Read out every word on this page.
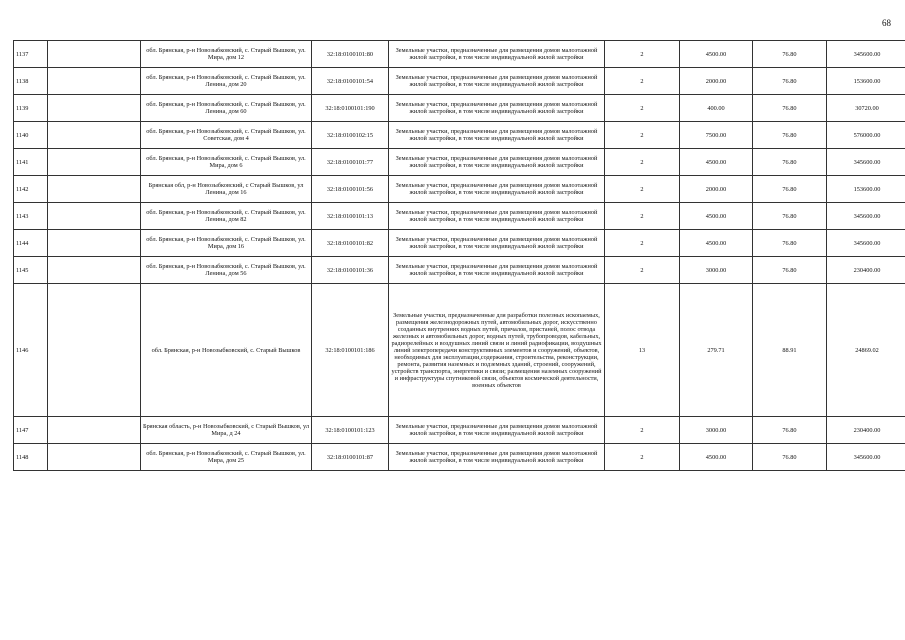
68
1137		обл. Брянская, р-н Новозыбковский, с. Старый Вышков, ул. Мира, дом 12	32:18:0100101:80	Земельные участки, предназначенные для размещения домов малоэтажной жилой застройки, в том числе индивидуальной жилой застройки	2	4500.00	76.80	345600.00
1138		обл. Брянская, р-н Новозыбковский, с. Старый Вышков, ул. Ленина, дом 20	32:18:0100101:54	Земельные участки, предназначенные для размещения домов малоэтажной жилой застройки, в том числе индивидуальной жилой застройки	2	2000.00	76.80	153600.00
1139		обл. Брянская, р-н Новозыбковский, с. Старый Вышков, ул. Ленина, дом 60	32:18:0100101:190	Земельные участки, предназначенные для размещения домов малоэтажной жилой застройки, в том числе индивидуальной жилой застройки	2	400.00	76.80	30720.00
1140		обл. Брянская, р-н Новозыбковский, с. Старый Вышков, ул. Советская, дом 4	32:18:0100102:15	Земельные участки, предназначенные для размещения домов малоэтажной жилой застройки, в том числе индивидуальной жилой застройки	2	7500.00	76.80	576000.00
1141		обл. Брянская, р-н Новозыбковский, с. Старый Вышков, ул. Мира, дом 6	32:18:0100101:77	Земельные участки, предназначенные для размещения домов малоэтажной жилой застройки, в том числе индивидуальной жилой застройки	2	4500.00	76.80	345600.00
1142		Брянская обл, р-н Новозыбковский, с Старый Вышков, ул Ленина, дом 16	32:18:0100101:56	Земельные участки, предназначенные для размещения домов малоэтажной жилой застройки, в том числе индивидуальной жилой застройки	2	2000.00	76.80	153600.00
1143		обл. Брянская, р-н Новозыбковский, с. Старый Вышков, ул. Ленина, дом 82	32:18:0100101:13	Земельные участки, предназначенные для размещения домов малоэтажной жилой застройки, в том числе индивидуальной жилой застройки	2	4500.00	76.80	345600.00
1144		обл. Брянская, р-н Новозыбковский, с. Старый Вышков, ул. Мира, дом 16	32:18:0100101:82	Земельные участки, предназначенные для размещения домов малоэтажной жилой застройки, в том числе индивидуальной жилой застройки	2	4500.00	76.80	345600.00
1145		обл. Брянская, р-н Новозыбковский, с. Старый Вышков, ул. Ленина, дом 56	32:18:0100101:36	Земельные участки, предназначенные для размещения домов малоэтажной жилой застройки, в том числе индивидуальной жилой застройки	2	3000.00	76.80	230400.00
1146		обл. Брянская, р-н Новозыбковский, с. Старый Вышков	32:18:0100101:186	Земельные участки, предназначенные для разработки полезных ископаемых, размещения железнодорожных путей, автомобильных дорог, искусственно созданных внутренних водных путей, причалов, пристаней, полос отвода железных и автомобильных дорог, водных путей, трубопроводов, кабельных, радиорелейных и воздушных линий связи и линий радиофикации, воздушных линий электропередачи конструктивных элементов и сооружений, объектов, необходимых для эксплуатации,содержания, строительства, реконструкции, ремонта, развития наземных и подземных зданий, строений, сооружений, устройств транспорта, энергетики и связи; размещения наземных сооружений и инфраструктуры спутниковой связи, объектов космической деятельности, военных объектов	13	279.71	88.91	24869.02
1147		Брянская область, р-н Новозыбковский, с Старый Вышков, ул Мира, д 24	32:18:0100101:123	Земельные участки, предназначенные для размещения домов малоэтажной жилой застройки, в том числе индивидуальной жилой застройки	2	3000.00	76.80	230400.00
1148		обл. Брянская, р-н Новозыбковский, с. Старый Вышков, ул. Мира, дом 25	32:18:0100101:87	Земельные участки, предназначенные для размещения домов малоэтажной жилой застройки, в том числе индивидуальной жилой застройки	2	4500.00	76.80	345600.00
